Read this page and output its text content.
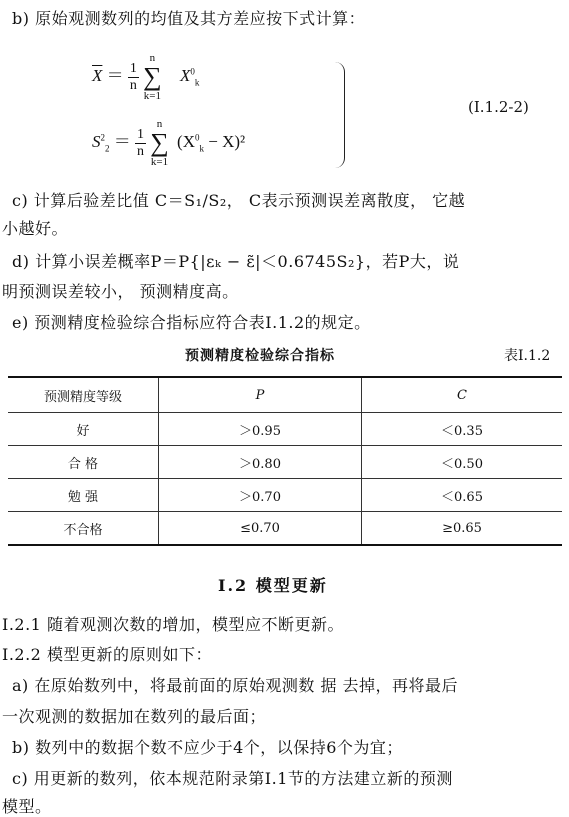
b) 原始观测数列的均值及其方差应按下式计算：
$\overline{X} = \frac{1}{n}$

n
∑
k=1
$X^0_k$
$S^2_2 = \frac{1}{n}$

n
∑
k=1
$(X^0_k - X)^2$
(Ⅰ.1.2-2)
c) 计算后验差比值 C＝S₁/S₂， C表示预测误差离散度， 它越
小越好。
d) 计算小误差概率P＝P{|εₖ − ε̃|＜0.6745S₂}，若P大，说
明预测误差较小， 预测精度高。
e) 预测精度检验综合指标应符合表Ⅰ.1.2的规定。
预测精度检验综合指标	表Ⅰ.1.2
预测精度等级	P	C
好	＞0.95	＜0.35
合 格	＞0.80	＜0.50
勉 强	＞0.70	＜0.65
不合格	≤0.70	≥0.65
Ⅰ.2 模型更新
Ⅰ.2.1 随着观测次数的增加，模型应不断更新。
Ⅰ.2.2 模型更新的原则如下：
a) 在原始数列中，将最前面的原始观测数 据 去掉，再将最后
一次观测的数据加在数列的最后面；
b) 数列中的数据个数不应少于4个，以保持6个为宜；
c) 用更新的数列，依本规范附录第Ⅰ.1节的方法建立新的预测
模型。
